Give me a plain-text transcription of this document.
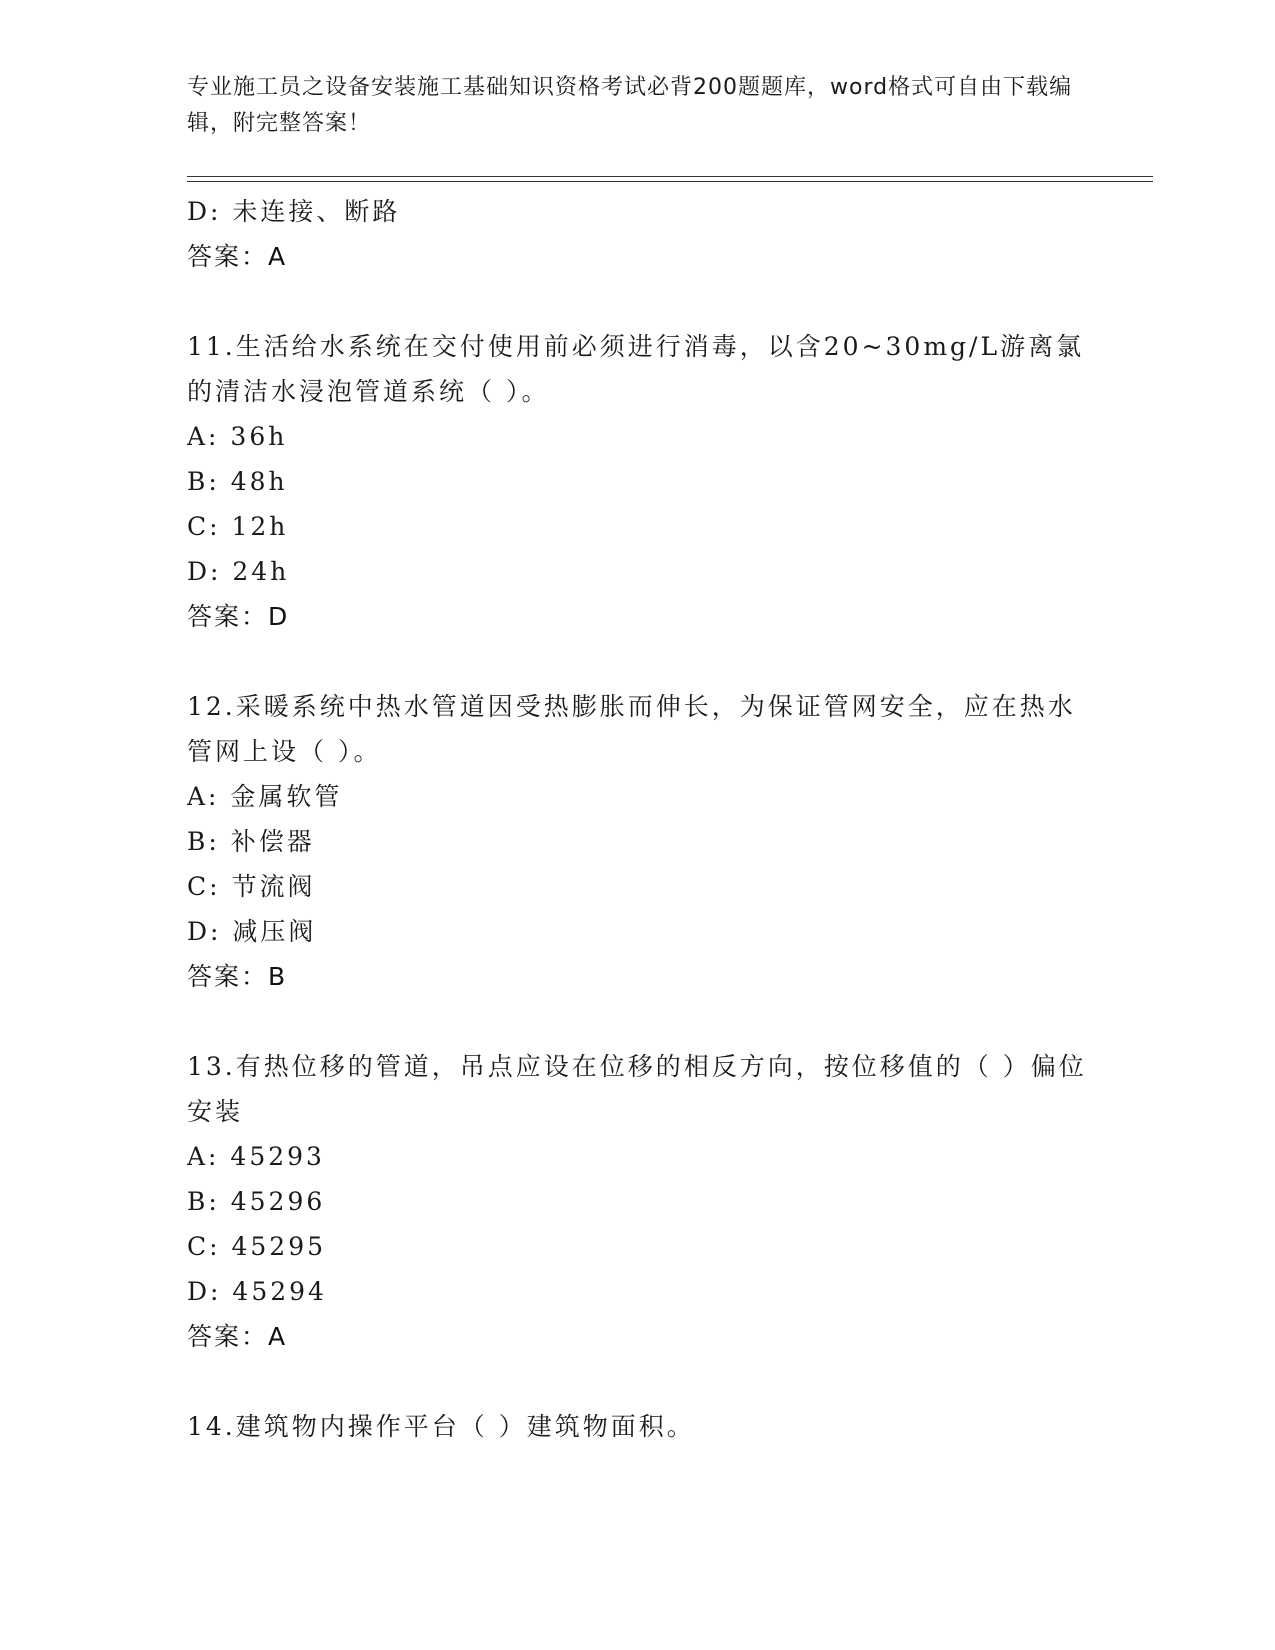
专业施工员之设备安装施工基础知识资格考试必背200题题库，word格式可自由下载编辑，附完整答案！
D: 未连接、断路
答案：A
11.生活给水系统在交付使用前必须进行消毒，以含20~30mg/L游离氯的清洁水浸泡管道系统（ ）。
A: 36h
B: 48h
C: 12h
D: 24h
答案：D
12.采暖系统中热水管道因受热膨胀而伸长，为保证管网安全，应在热水管网上设（ ）。
A: 金属软管
B: 补偿器
C: 节流阀
D: 减压阀
答案：B
13.有热位移的管道，吊点应设在位移的相反方向，按位移值的（ ）偏位安装
A: 45293
B: 45296
C: 45295
D: 45294
答案：A
14.建筑物内操作平台（ ）建筑物面积。
